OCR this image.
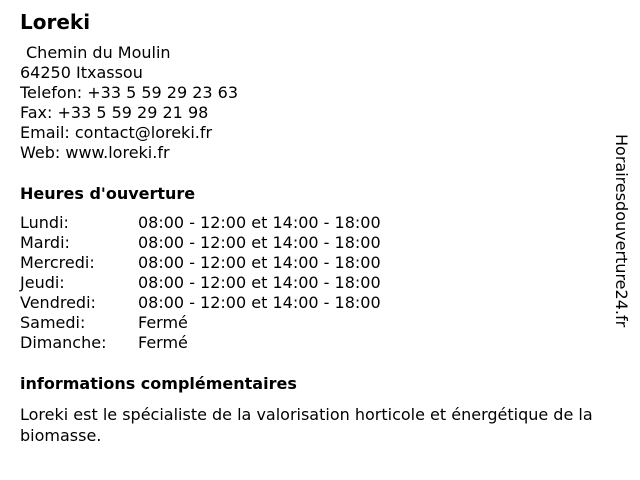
Loreki
Chemin du Moulin
64250 Itxassou
Telefon: +33 5 59 29 23 63
Fax: +33 5 59 29 21 98
Email: contact@loreki.fr
Web: www.loreki.fr
Heures d'ouverture
Lundi:	08:00 - 12:00 et 14:00 - 18:00
Mardi:	08:00 - 12:00 et 14:00 - 18:00
Mercredi:	08:00 - 12:00 et 14:00 - 18:00
Jeudi:	08:00 - 12:00 et 14:00 - 18:00
Vendredi:	08:00 - 12:00 et 14:00 - 18:00
Samedi:	Fermé
Dimanche: Fermé
informations complémentaires
Loreki est le spécialiste de la valorisation horticole et énergétique de la biomasse.
Horairesdouverture24.fr
